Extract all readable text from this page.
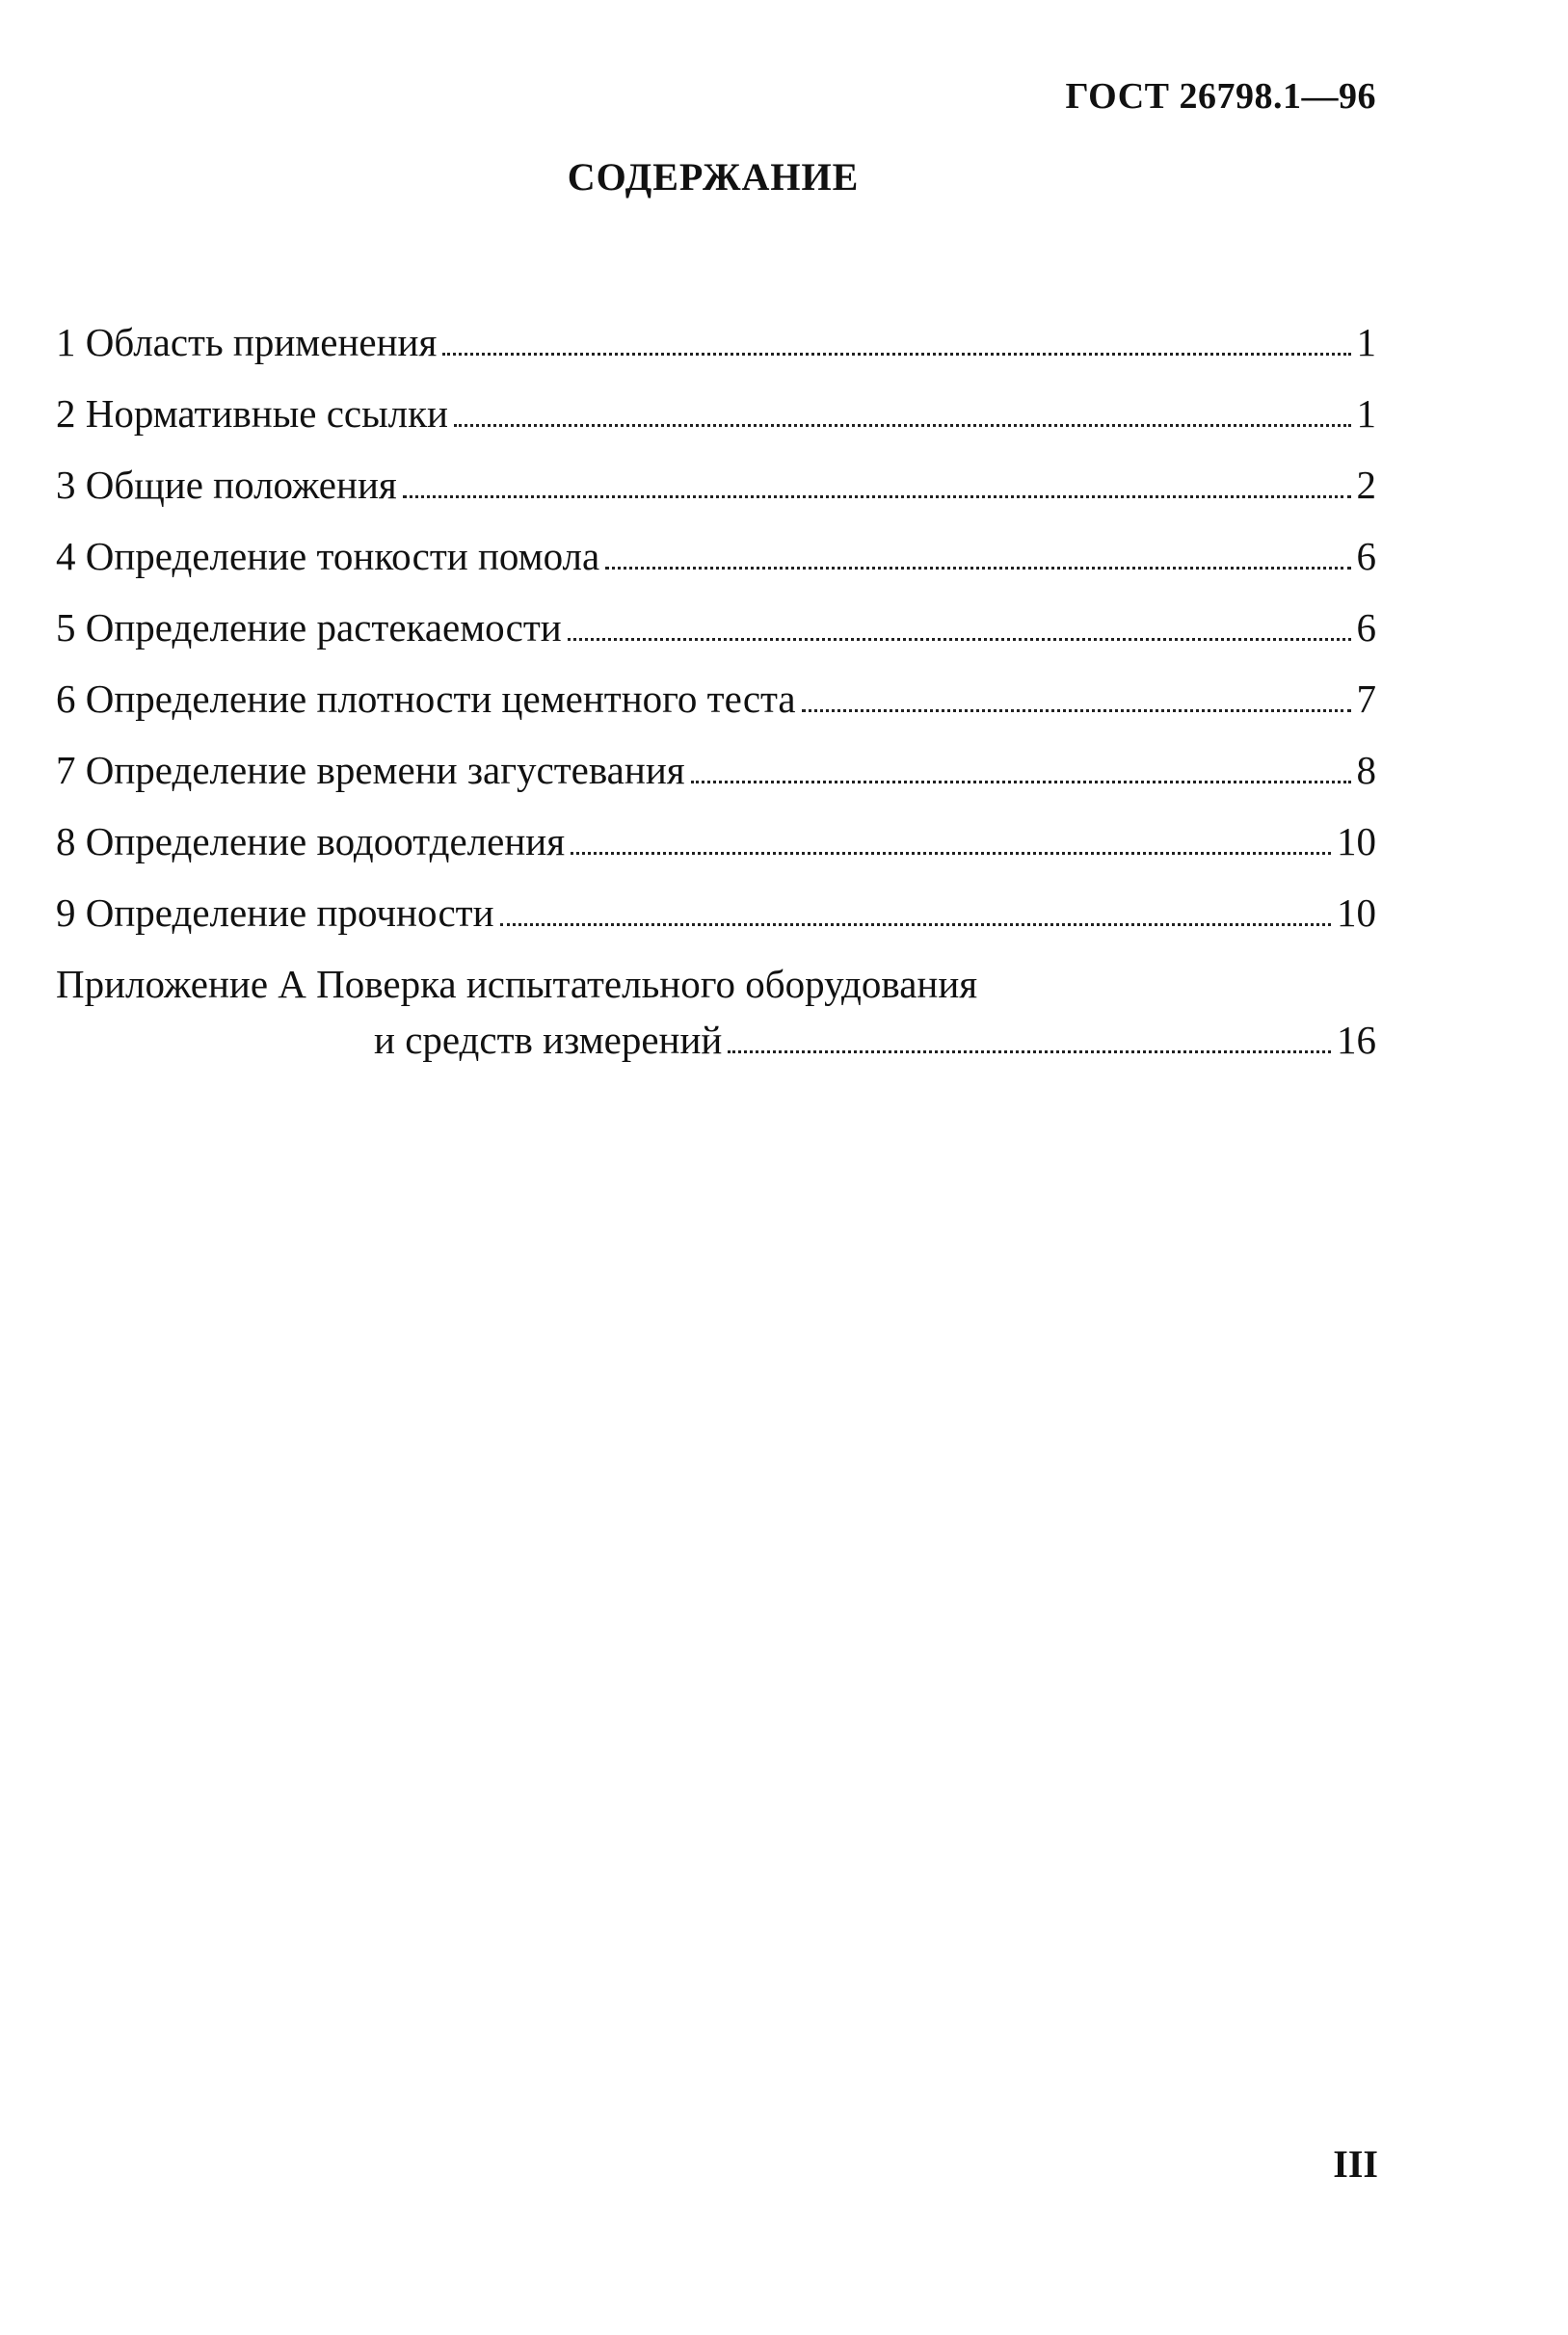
ГОСТ 26798.1—96
СОДЕРЖАНИЕ
1 Область применения	1
2 Нормативные ссылки	1
3 Общие положения	2
4 Определение тонкости помола	6
5 Определение растекаемости	6
6 Определение плотности цементного теста	7
7 Определение времени загустевания	8
8 Определение водоотделения	10
9 Определение прочности	10
Приложение А Поверка испытательного оборудования
и средств измерений	16
III
